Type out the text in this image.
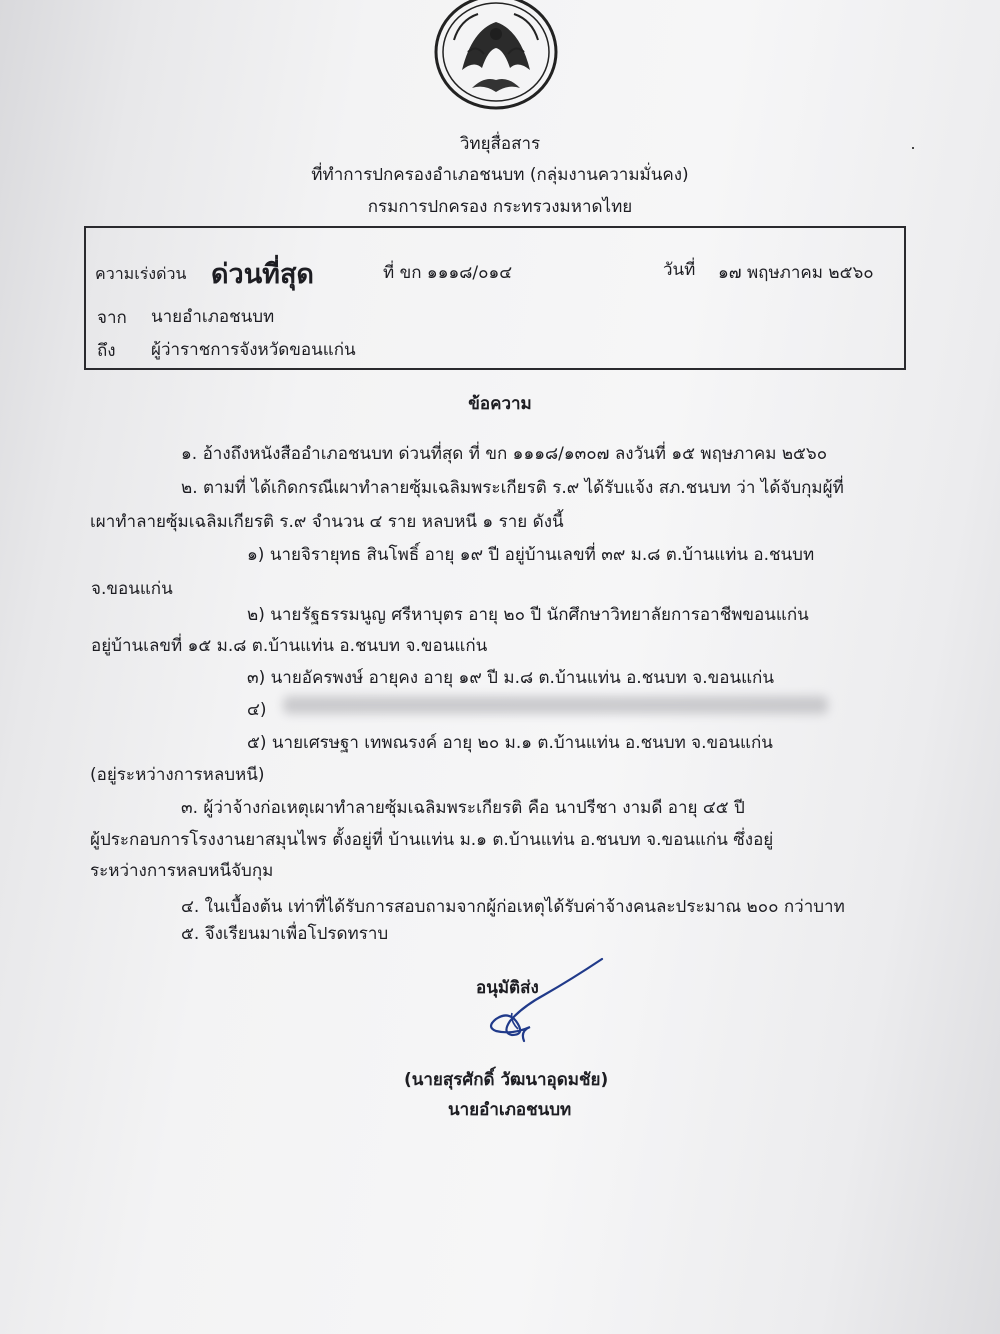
วิทยุสื่อสาร
ที่ทำการปกครองอำเภอชนบท (กลุ่มงานความมั่นคง)
กรมการปกครอง กระทรวงมหาดไทย
ความเร่งด่วน ด่วนที่สุด	ที่ ขก ๑๑๑๘/๐๑๔	วันที่ ๑๗ พฤษภาคม ๒๕๖๐
จาก นายอำเภอชนบท
ถึง ผู้ว่าราชการจังหวัดขอนแก่น
ข้อความ
๑. อ้างถึงหนังสืออำเภอชนบท ด่วนที่สุด ที่ ขก ๑๑๑๘/๑๓๐๗ ลงวันที่ ๑๕ พฤษภาคม ๒๕๖๐
๒. ตามที่ ได้เกิดกรณีเผาทำลายซุ้มเฉลิมพระเกียรติ ร.๙ ได้รับแจ้ง สภ.ชนบท ว่า ได้จับกุมผู้ที่
เผาทำลายซุ้มเฉลิมเกียรติ ร.๙ จำนวน ๔ ราย หลบหนี ๑ ราย ดังนี้
๑) นายจิรายุทธ สินโพธิ์ อายุ ๑๙ ปี อยู่บ้านเลขที่ ๓๙ ม.๘ ต.บ้านแท่น อ.ชนบท
จ.ขอนแก่น
๒) นายรัฐธรรมนูญ ศรีหาบุตร อายุ ๒๐ ปี นักศึกษาวิทยาลัยการอาชีพขอนแก่น
อยู่บ้านเลขที่ ๑๕ ม.๘ ต.บ้านแท่น อ.ชนบท จ.ขอนแก่น
๓) นายอัครพงษ์ อายุคง อายุ ๑๙ ปี ม.๘ ต.บ้านแท่น อ.ชนบท จ.ขอนแก่น
๔)
๕) นายเศรษฐา เทพณรงค์ อายุ ๒๐ ม.๑ ต.บ้านแท่น อ.ชนบท จ.ขอนแก่น
(อยู่ระหว่างการหลบหนี)
๓. ผู้ว่าจ้างก่อเหตุเผาทำลายซุ้มเฉลิมพระเกียรติ คือ นาปรีชา งามดี อายุ ๔๕ ปี
ผู้ประกอบการโรงงานยาสมุนไพร ตั้งอยู่ที่ บ้านแท่น ม.๑ ต.บ้านแท่น อ.ชนบท จ.ขอนแก่น ซึ่งอยู่
ระหว่างการหลบหนีจับกุม
๔. ในเบื้องต้น เท่าที่ได้รับการสอบถามจากผู้ก่อเหตุได้รับค่าจ้างคนละประมาณ ๒๐๐ กว่าบาท
๕. จึงเรียนมาเพื่อโปรดทราบ
อนุมัติส่ง
(นายสุรศักดิ์ วัฒนาอุดมชัย)
นายอำเภอชนบท
